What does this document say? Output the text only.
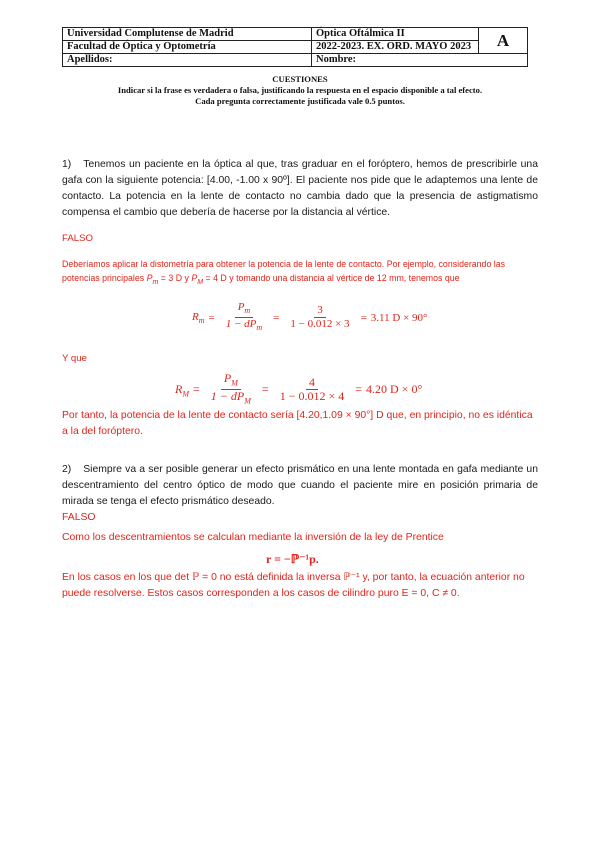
Universidad Complutense de Madrid	Óptica Oftálmica II	A
Facultad de Óptica y Optometría	2022-2023. EX. ORD. MAYO 2023	
Apellidos:	Nombre:	
CUESTIONES
Indicar si la frase es verdadera o falsa, justificando la respuesta en el espacio disponible a tal efecto.
Cada pregunta correctamente justificada vale 0.5 puntos.
1) Tenemos un paciente en la óptica al que, tras graduar en el foróptero, hemos de prescribirle una gafa con la siguiente potencia: [4.00, -1.00 x 90º]. El paciente nos pide que le adaptemos una lente de contacto. La potencia en la lente de contacto no cambia dado que la presencia de astigmatismo compensa el cambio que debería de hacerse por la distancia al vértice.
FALSO
Deberíamos aplicar la distometría para obtener la potencia de la lente de contacto. Por ejemplo, considerando las potencias principales $P_m = 3$ D y $P_M = 4$ D y tomando una distancia al vértice de 12 mm, tenemos que
$R_m = \frac{P_m}{1 - dP_m} = \frac{3}{1 - 0.012 \times 3} = 3.11$ D × 90°
Y que
$R_M = \frac{P_M}{1 - dP_M} = \frac{4}{1 - 0.012 \times 4} = 4.20$ D × 0°
Por tanto, la potencia de la lente de contacto sería [4.20,1.09 × 90°] D que, en principio, no es idéntica a la del foróptero.
2) Siempre va a ser posible generar un efecto prismático en una lente montada en gafa mediante un descentramiento del centro óptico de modo que cuando el paciente mire en posición primaria de mirada se tenga el efecto prismático deseado.
FALSO
Como los descentramientos se calculan mediante la inversión de la ley de Prentice
r = −ℙ⁻¹p.
En los casos en los que det ℙ = 0 no está definida la inversa ℙ⁻¹ y, por tanto, la ecuación anterior no puede resolverse. Estos casos corresponden a los casos de cilindro puro E = 0, C ≠ 0.
